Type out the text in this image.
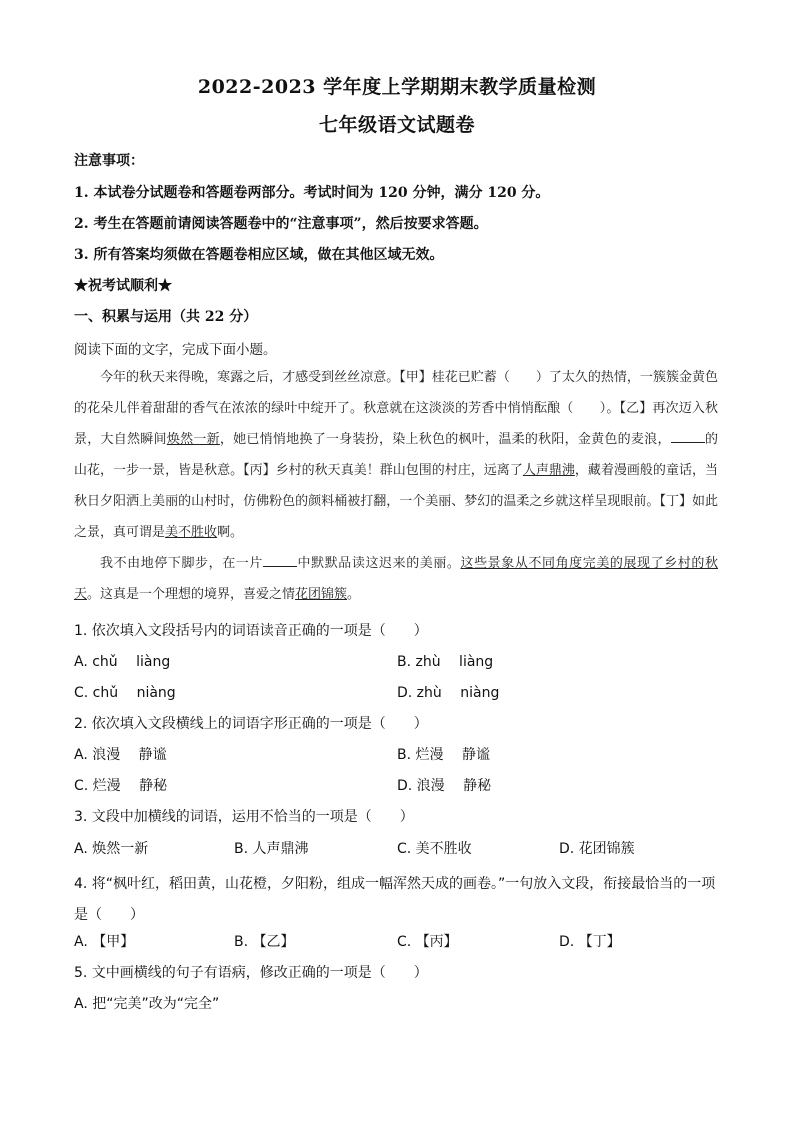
2022-2023 学年度上学期期末教学质量检测
七年级语文试题卷
注意事项：
1. 本试卷分试题卷和答题卷两部分。考试时间为 120 分钟，满分 120 分。
2. 考生在答题前请阅读答题卷中的“注意事项”，然后按要求答题。
3. 所有答案均须做在答题卷相应区域，做在其他区域无效。
★祝考试顺利★
一、积累与运用（共 22 分）
阅读下面的文字，完成下面小题。

今年的秋天来得晚，寒露之后，才感受到丝丝凉意。【甲】桂花已贮蓄（　　）了太久的热情，一簇簇金黄色的花朵儿伴着甜甜的香气在浓浓的绿叶中绽开了。秋意就在这淡淡的芳香中悄悄酝酿（　　）。【乙】再次迈入秋景，大自然瞬间焕然一新，她已悄悄地换了一身装扮，染上秋色的枫叶，温柔的秋阳，金黄色的麦浪，	的山花，一步一景，皆是秋意。【丙】乡村的秋天真美！群山包围的村庄，远离了人声鼎沸，藏着漫画般的童话，当秋日夕阳洒上美丽的山村时，仿佛粉色的颜料桶被打翻，一个美丽、梦幻的温柔之乡就这样呈现眼前。【丁】如此之景，真可谓是美不胜收啊。

我不由地停下脚步，在一片	中默默品读这迟来的美丽。这些景象从不同角度完美的展现了乡村的秋天。这真是一个理想的境界，喜爱之情花团锦簇。

1. 依次填入文段括号内的词语读音正确的一项是（　　）
A. chǔ　 liàng	B. zhù　 liàng
C. chǔ　 niàng	D. zhù　 niàng
2. 依次填入文段横线上的词语字形正确的一项是（　　）
A. 浪漫　 静谧	B. 烂漫　 静谧
C. 烂漫　 静秘	D. 浪漫　 静秘
3. 文段中加横线的词语，运用不恰当的一项是（　　）
A. 焕然一新	B. 人声鼎沸	C. 美不胜收	D. 花团锦簇
4. 将“枫叶红，稻田黄，山花橙，夕阳粉，组成一幅浑然天成的画卷。”一句放入文段，衔接最恰当的一项是（　　）
A. 【甲】	B. 【乙】	C. 【丙】	D. 【丁】
5. 文中画横线的句子有语病，修改正确的一项是（　　）
A. 把“完美”改为“完全”
